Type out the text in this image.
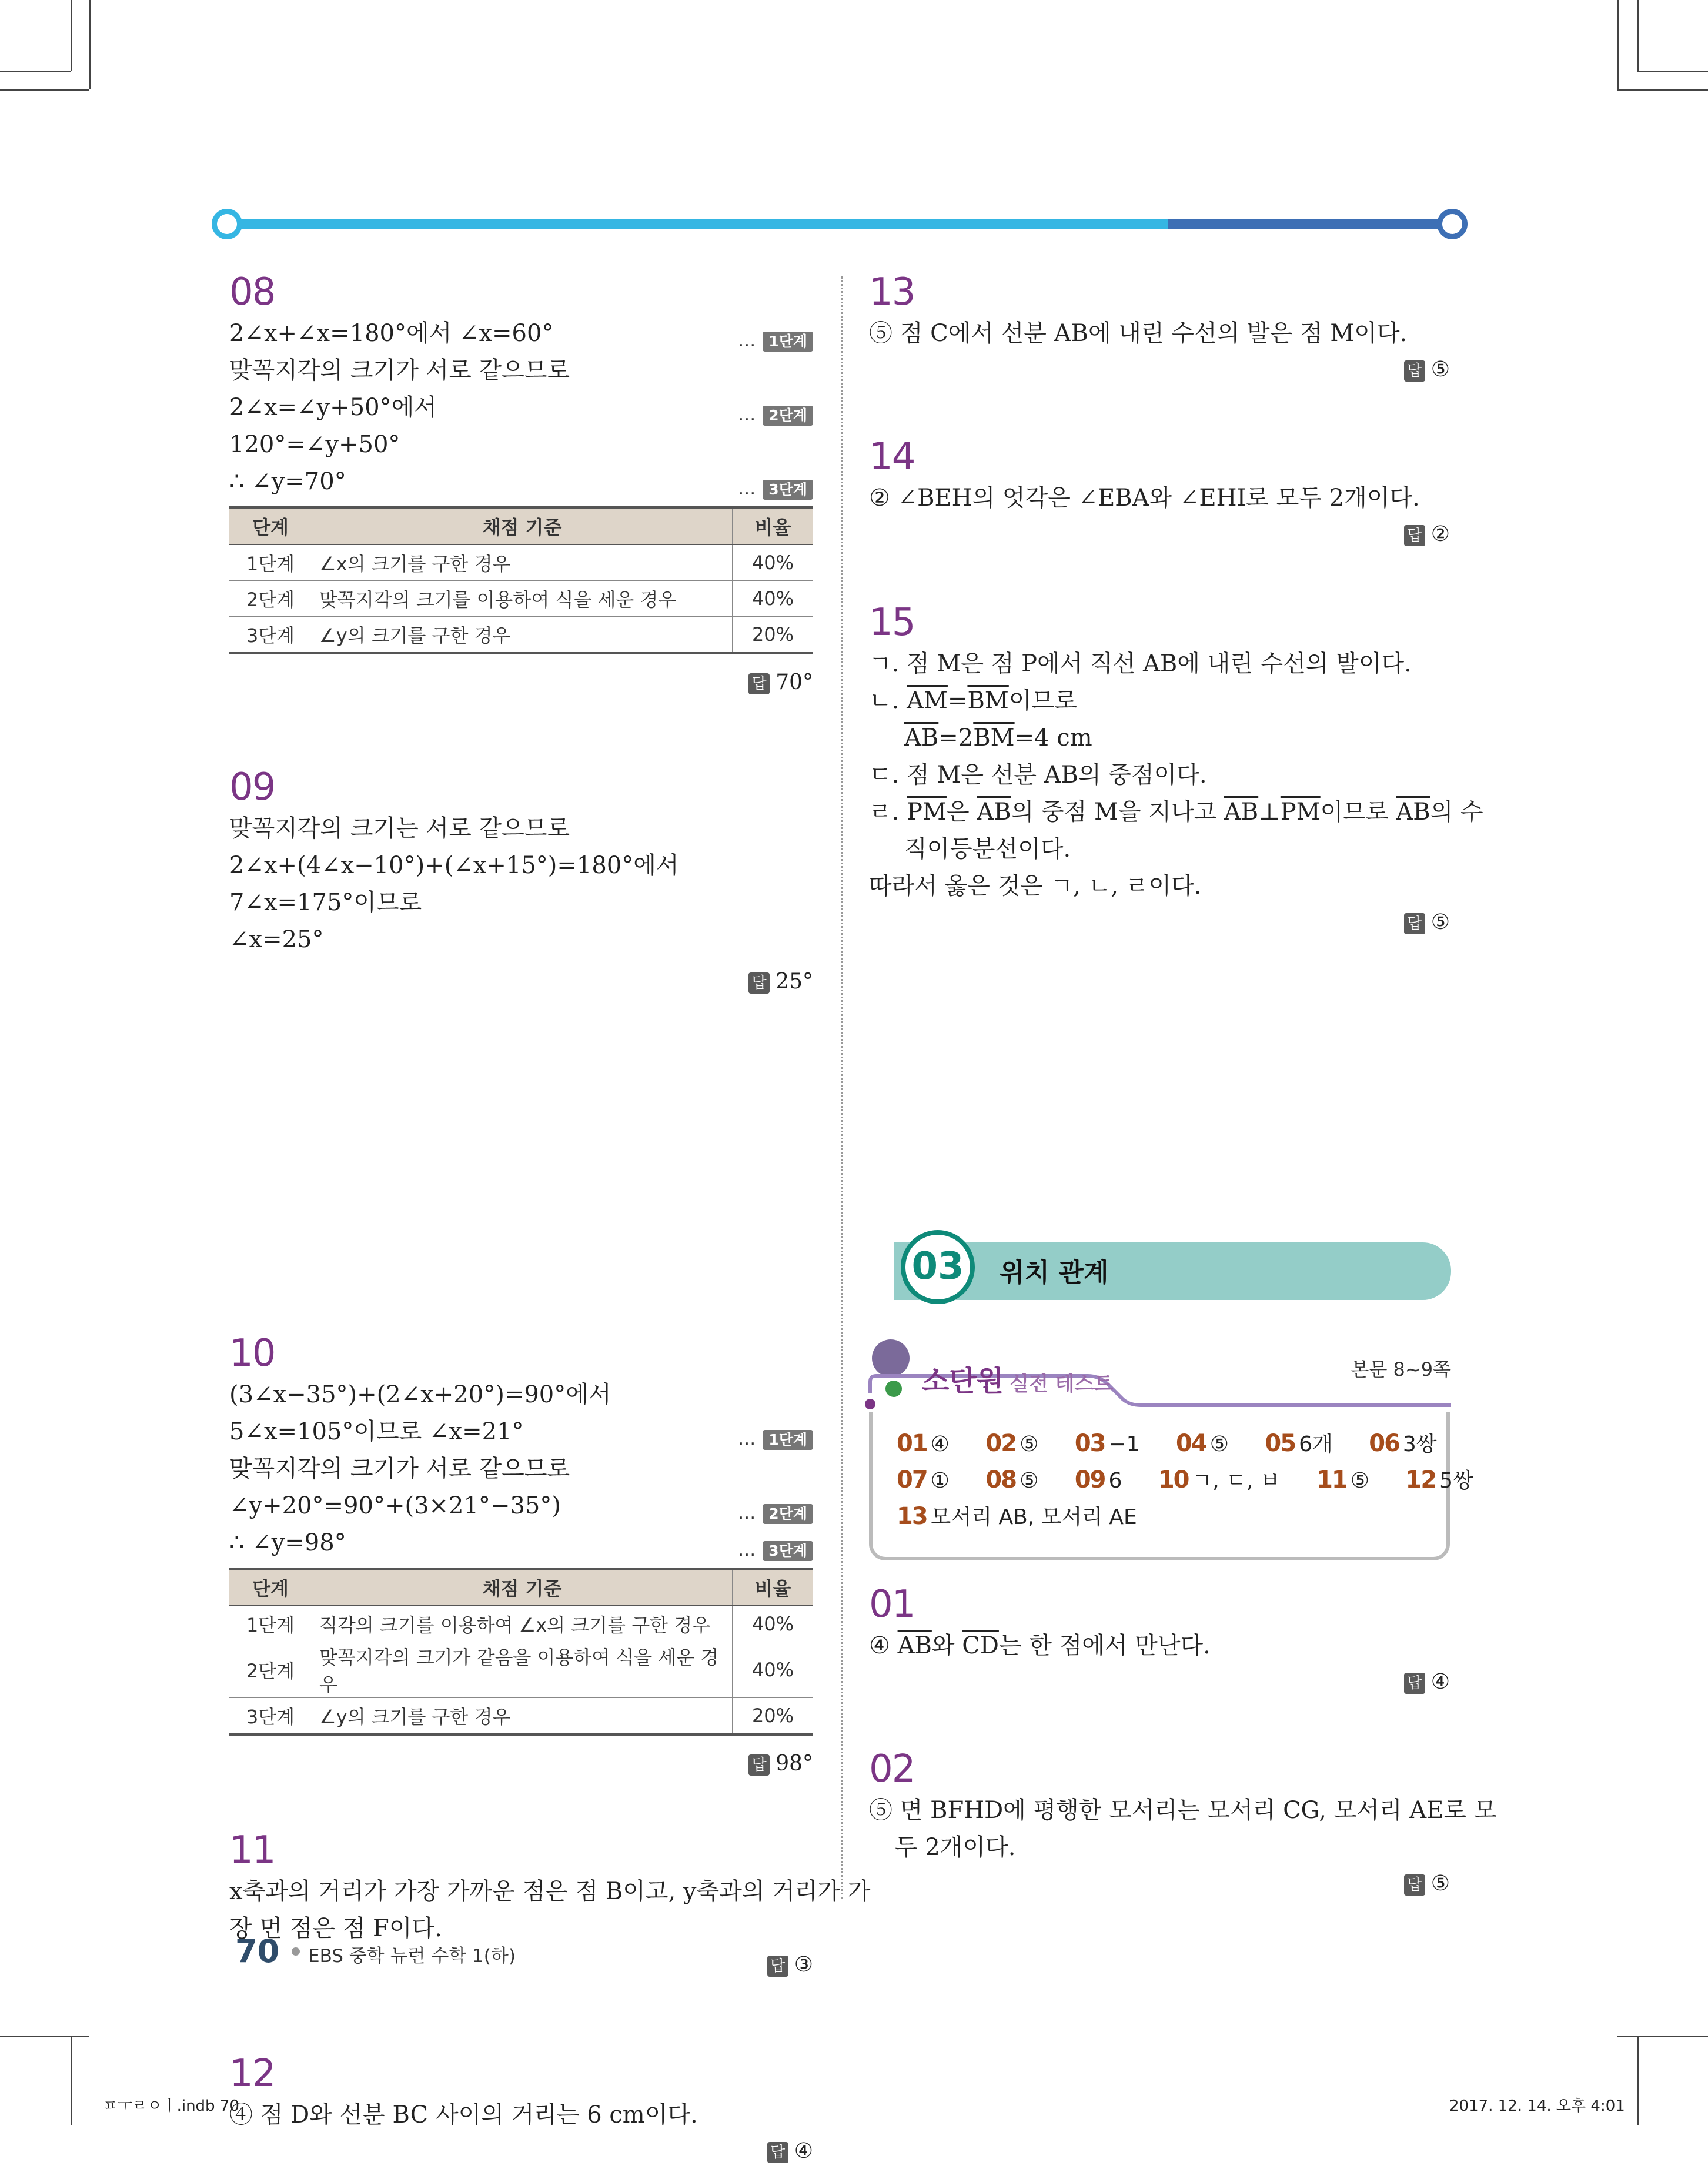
08
2∠x+∠x=180°에서 ∠x=60°	… 1단계
맞꼭지각의 크기가 서로 같으므로
2∠x=∠y+50°에서	… 2단계
120°=∠y+50°
∴ ∠y=70°	… 3단계
단계	채점 기준	비율
1단계	∠x의 크기를 구한 경우	40%
2단계	맞꼭지각의 크기를 이용하여 식을 세운 경우	40%
3단계	∠y의 크기를 구한 경우	20%
답 70°
09
맞꼭지각의 크기는 서로 같으므로
2∠x+(4∠x−10°)+(∠x+15°)=180°에서
7∠x=175°이므로
∠x=25°
답 25°
10
(3∠x−35°)+(2∠x+20°)=90°에서
5∠x=105°이므로 ∠x=21°	… 1단계
맞꼭지각의 크기가 서로 같으므로
∠y+20°=90°+(3×21°−35°)	… 2단계
∴ ∠y=98°	… 3단계
단계	채점 기준	비율
1단계	직각의 크기를 이용하여 ∠x의 크기를 구한 경우	40%
2단계	맞꼭지각의 크기가 같음을 이용하여 식을 세운 경우	40%
3단계	∠y의 크기를 구한 경우	20%
답 98°
11
x축과의 거리가 가장 가까운 점은 점 B이고, y축과의 거리가 가
장 먼 점은 점 F이다.
답 ③
12
④ 점 D와 선분 BC 사이의 거리는 6 cm이다.
답 ④
13
⑤ 점 C에서 선분 AB에 내린 수선의 발은 점 M이다.
답 ⑤
14
② ∠BEH의 엇각은 ∠EBA와 ∠EHI로 모두 2개이다.
답 ②
15
ㄱ. 점 M은 점 P에서 직선 AB에 내린 수선의 발이다.
ㄴ. $\overline{AM}=\overline{BM}$이므로
$\overline{AB}=2\overline{BM}=4$ cm
ㄷ. 점 M은 선분 AB의 중점이다.
ㄹ. $\overline{PM}$은 $\overline{AB}$의 중점 M을 지나고 $\overline{AB}\perp\overline{PM}$이므로 $\overline{AB}$의 수
직이등분선이다.
따라서 옳은 것은 ㄱ, ㄴ, ㄹ이다.
답 ⑤
03	위치 관계
소단원 실전 테스트
본문 8~9쪽
01 ④ 02 ⑤ 03 −1 04 ⑤ 05 6개 06 3쌍
07 ① 08 ⑤ 09 6 10 ㄱ, ㄷ, ㅂ 11 ⑤ 12 5쌍
13 모서리 AB, 모서리 AE
01
④ $\overline{AB}$와 $\overline{CD}$는 한 점에서 만난다.
답 ④
02
⑤ 면 BFHD에 평행한 모서리는 모서리 CG, 모서리 AE로 모
두 2개이다.
답 ⑤
70 EBS 중학 뉴런 수학 1(하)
ㅍㅜㄹㅇㅣ.indb 70	2017. 12. 14. 오후 4:01
